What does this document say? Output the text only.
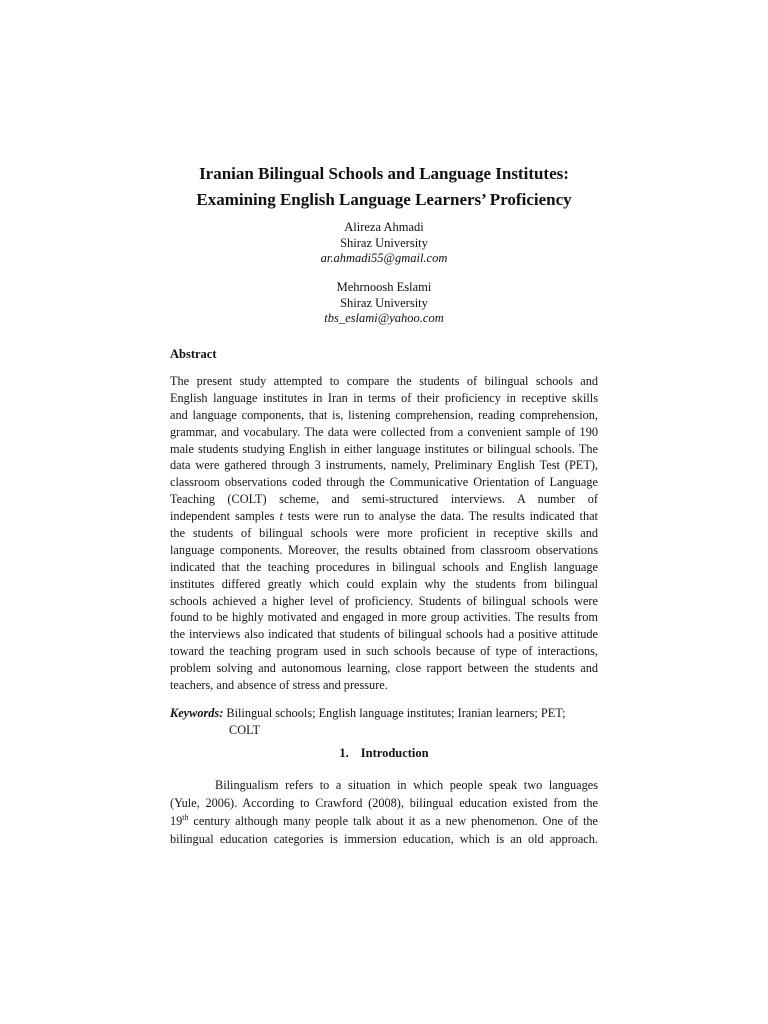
Iranian Bilingual Schools and Language Institutes:
Examining English Language Learners’ Proficiency
Alireza Ahmadi
Shiraz University
ar.ahmadi55@gmail.com
Mehrnoosh Eslami
Shiraz University
tbs_eslami@yahoo.com
Abstract
The present study attempted to compare the students of bilingual schools and
English language institutes in Iran in terms of their proficiency in receptive skills
and language components, that is, listening comprehension, reading comprehension,
grammar, and vocabulary. The data were collected from a convenient sample of 190
male students studying English in either language institutes or bilingual schools. The
data were gathered through 3 instruments, namely, Preliminary English Test (PET),
classroom observations coded through the Communicative Orientation of Language
Teaching (COLT) scheme, and semi-structured interviews. A number of
independent samples t tests were run to analyse the data. The results indicated that
the students of bilingual schools were more proficient in receptive skills and
language components. Moreover, the results obtained from classroom observations
indicated that the teaching procedures in bilingual schools and English language
institutes differed greatly which could explain why the students from bilingual
schools achieved a higher level of proficiency. Students of bilingual schools were
found to be highly motivated and engaged in more group activities. The results from
the interviews also indicated that students of bilingual schools had a positive attitude
toward the teaching program used in such schools because of type of interactions,
problem solving and autonomous learning, close rapport between the students and
teachers, and absence of stress and pressure.
Keywords: Bilingual schools; English language institutes; Iranian learners; PET;
COLT
1. Introduction
Bilingualism refers to a situation in which people speak two languages
(Yule, 2006). According to Crawford (2008), bilingual education existed from the
19th century although many people talk about it as a new phenomenon. One of the
bilingual education categories is immersion education, which is an old approach.
